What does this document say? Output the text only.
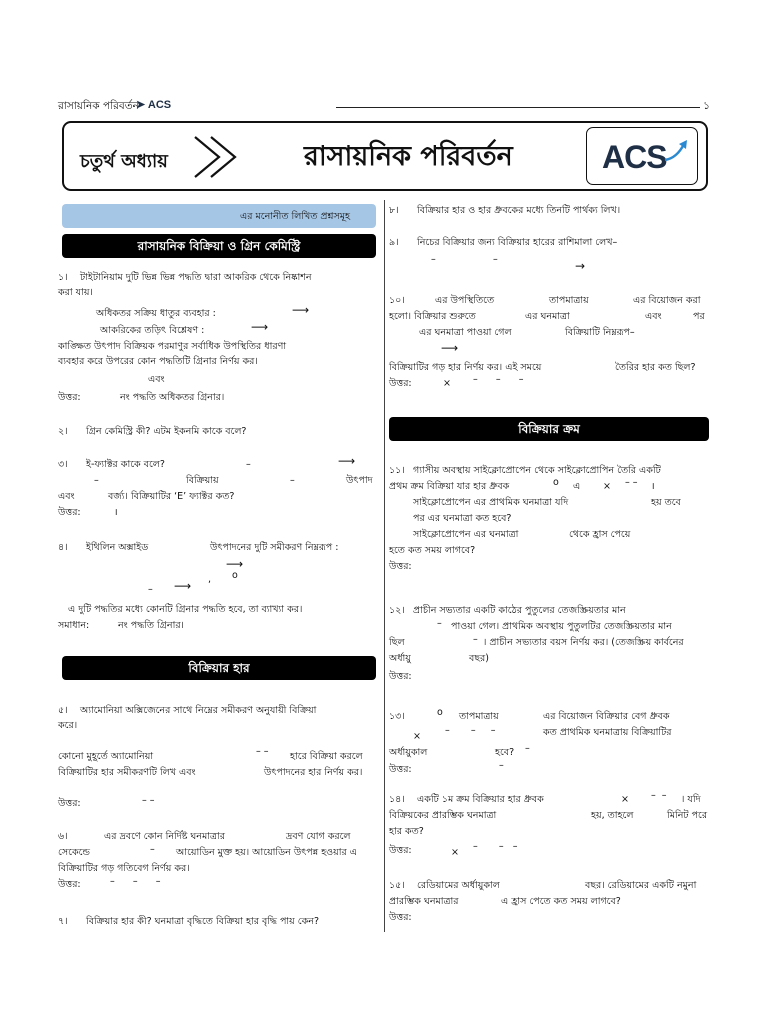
রাসায়নিক পরিবর্তন
➤ ACS	১
চতুর্থ অধ্যায়	রাসায়নিক পরিবর্তন	ACS
এর মনোনীত লিখিত প্রশ্নসমূহ
রাসায়নিক বিক্রিয়া ও গ্রিন কেমিস্ট্রি
১।	টাইটানিয়াম দুটি ভিন্ন ভিন্ন পদ্ধতি দ্বারা আকরিক থেকে নিষ্কাশন
করা যায়।
অধিকতর সক্রিয় ধাতুর ব্যবহার :	⟶
আকরিকের তড়িৎ বিশ্লেষণ :	⟶
কাঙ্ক্ষিত উৎপাদ বিক্রিয়ক পরমাণুর সর্বাধিক উপস্থিতির ধারণা
ব্যবহার করে উপরের কোন পদ্ধতিটি গ্রিনার নির্ণয় কর।
এবং
উত্তর:	নং পদ্ধতি অধিকতর গ্রিনার।
২। গ্রিন কেমিস্ট্রি কী? এটম ইকনমি কাকে বলে?
৩। ই-ফ্যাক্টর কাকে বলে?	–	⟶
–	বিক্রিয়ায়	–	উৎপাদ
এবং	বর্জ্য। বিক্রিয়াটির ‘E’ ফ্যাক্টর কত?
উত্তর:	।
৪। ইথিলিন অক্সাইড	উৎপাদনের দুটি সমীকরণ নিম্নরূপ :
⟶
, o
– ⟶
এ দুটি পদ্ধতির মধ্যে কোনটি গ্রিনার পদ্ধতি হবে, তা ব্যাখ্যা কর।
সমাধান:	নং পদ্ধতি গ্রিনার।
বিক্রিয়ার হার
৫।	অ্যামোনিয়া অক্সিজেনের সাথে নিম্নের সমীকরণ অনুযায়ী বিক্রিয়া
করে।
কোনো মুহূর্তে অ্যামোনিয়া	– – হারে বিক্রিয়া করলে
বিক্রিয়াটির হার সমীকরণটি লিখ এবং	উৎপাদনের হার নির্ণয় কর।
উত্তর:	– –
৬।	এর দ্রবণে কোন নির্দিষ্ট ঘনমাত্রার	দ্রবণ যোগ করলে
সেকেন্ডে	– আয়োডিন মুক্ত হয়। আয়োডিন উৎপন্ন হওয়ার এ
বিক্রিয়াটির গড় গতিবেগ নির্ণয় কর।
উত্তর:	–      –      –
৭। বিক্রিয়ার হার কী? ঘনমাত্রা বৃদ্ধিতে বিক্রিয়া হার বৃদ্ধি পায় কেন?
৮। বিক্রিয়ার হার ও হার ধ্রুবকের মধ্যে তিনটি পার্থক্য লিখ।
৯। নিচের বিক্রিয়ার জন্য বিক্রিয়ার হারের রাশিমালা লেখ–
–	–	→
১০।	এর উপস্থিতিতে	তাপমাত্রায়	এর বিয়োজন করা
হলো। বিক্রিয়ার শুরুতে	এর ঘনমাত্রা	এবং	পর
এর ঘনমাত্রা পাওয়া গেল	বিক্রিয়াটি নিম্নরূপ–
⟶
বিক্রিয়াটির গড় হার নির্ণয় কর। এই সময়ে	তৈরির হার কত ছিল?
উত্তর:	× –      –      –
বিক্রিয়ার ক্রম
১১। গ্যাসীয় অবস্থায় সাইক্লোপ্রোপেন থেকে সাইক্লোপ্রোপিন তৈরি একটি
প্রথম ক্রম বিক্রিয়া যার হার ধ্রুবক	o এ × – – ।
সাইক্লোপ্রোপেন এর প্রাথমিক ঘনমাত্রা যদি	হয় তবে
পর এর ঘনমাত্রা কত হবে?
সাইক্লোপ্রোপেন এর ঘনমাত্রা	থেকে হ্রাস পেয়ে
হতে কত সময় লাগবে?
উত্তর:
১২। প্রাচীন সভ্যতার একটি কাঠের পুতুলের তেজস্ক্রিয়তার মান
– পাওয়া গেল। প্রাথমিক অবস্থায় পুতুলটির তেজস্ক্রিয়তার মান
ছিল	– । প্রাচীন সভ্যতার বয়স নির্ণয় কর। (তেজস্ক্রিয় কার্বনের
অর্ধায়ু	বছর)
উত্তর:
১৩।	o তাপমাত্রায়	এর বিয়োজন বিক্রিয়ার বেগ ধ্রুবক
×
–       –     –	কত প্রাথমিক ঘনমাত্রায় বিক্রিয়াটির
অর্ধায়ুকাল	হবে? –
উত্তর:	–
১৪। একটি ১ম ক্রম বিক্রিয়ার হার ধ্রুবক	× –  – । যদি
বিক্রিয়কের প্রারম্ভিক ঘনমাত্রা	হয়, তাহলে	মিনিট পরে
হার কত?
উত্তর:	×
–       –   –
১৫। রেডিয়ামের অর্ধায়ুকাল	বছর। রেডিয়ামের একটি নমুনা
প্রারম্ভিক ঘনমাত্রার	এ হ্রাস পেতে কত সময় লাগবে?
উত্তর:
